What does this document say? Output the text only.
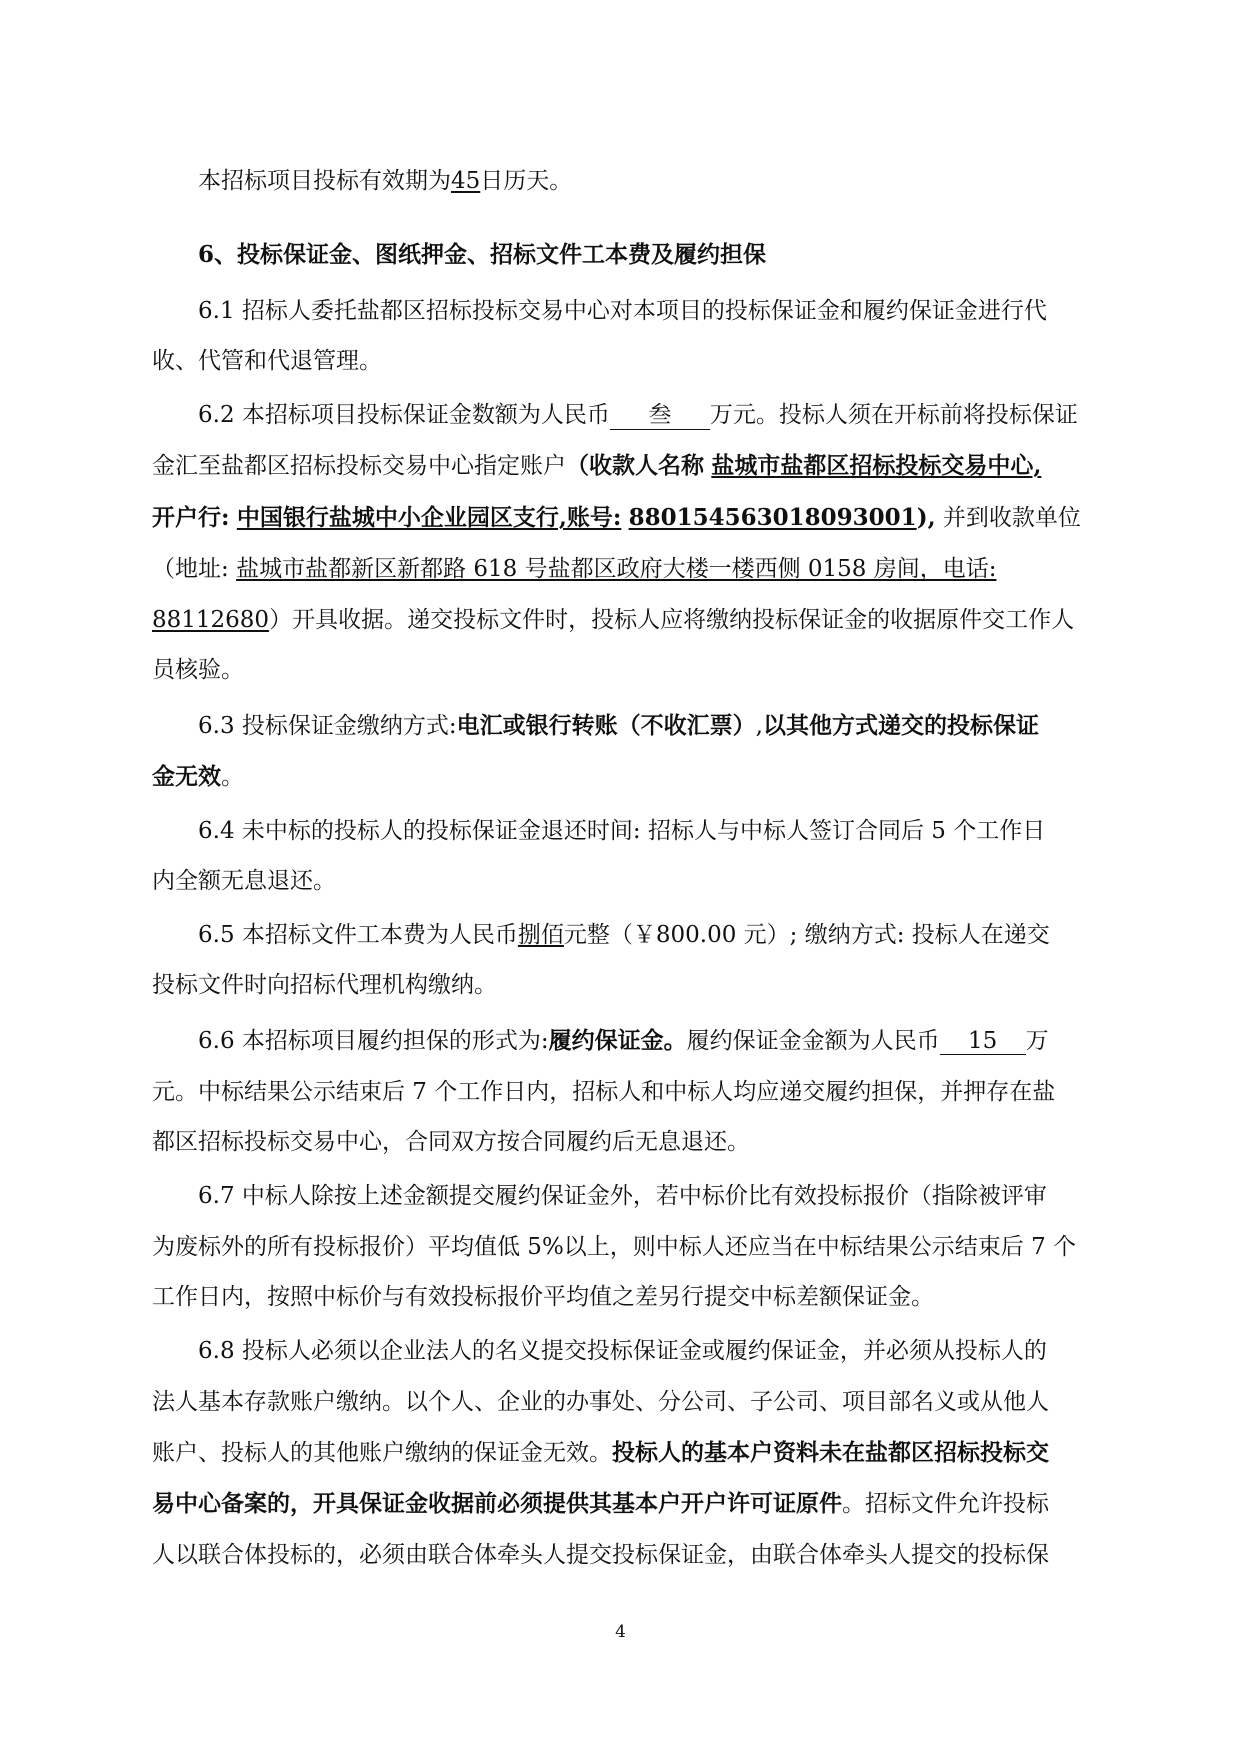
本招标项目投标有效期为45日历天。
6、投标保证金、图纸押金、招标文件工本费及履约担保
6.1 招标人委托盐都区招标投标交易中心对本项目的投标保证金和履约保证金进行代
收、代管和代退管理。
6.2 本招标项目投标保证金数额为人民币 叁 万元。投标人须在开标前将投标保证
金汇至盐都区招标投标交易中心指定账户（收款人名称 盐城市盐都区招标投标交易中心,
开户行: 中国银行盐城中小企业园区支行,账号: 880154563018093001), 并到收款单位
（地址: 盐城市盐都新区新都路 618 号盐都区政府大楼一楼西侧 0158 房间，电话:
88112680）开具收据。递交投标文件时，投标人应将缴纳投标保证金的收据原件交工作人
员核验。
6.3 投标保证金缴纳方式:电汇或银行转账（不收汇票）,以其他方式递交的投标保证
金无效。
6.4 未中标的投标人的投标保证金退还时间: 招标人与中标人签订合同后 5 个工作日
内全额无息退还。
6.5 本招标文件工本费为人民币捌佰元整（￥800.00 元）; 缴纳方式: 投标人在递交
投标文件时向招标代理机构缴纳。
6.6 本招标项目履约担保的形式为:履约保证金。履约保证金金额为人民币 15 万
元。中标结果公示结束后 7 个工作日内，招标人和中标人均应递交履约担保，并押存在盐
都区招标投标交易中心，合同双方按合同履约后无息退还。
6.7 中标人除按上述金额提交履约保证金外，若中标价比有效投标报价（指除被评审
为废标外的所有投标报价）平均值低 5%以上，则中标人还应当在中标结果公示结束后 7 个
工作日内，按照中标价与有效投标报价平均值之差另行提交中标差额保证金。
6.8 投标人必须以企业法人的名义提交投标保证金或履约保证金，并必须从投标人的
法人基本存款账户缴纳。以个人、企业的办事处、分公司、子公司、项目部名义或从他人
账户、投标人的其他账户缴纳的保证金无效。投标人的基本户资料未在盐都区招标投标交
易中心备案的，开具保证金收据前必须提供其基本户开户许可证原件。招标文件允许投标
人以联合体投标的，必须由联合体牵头人提交投标保证金，由联合体牵头人提交的投标保
4
